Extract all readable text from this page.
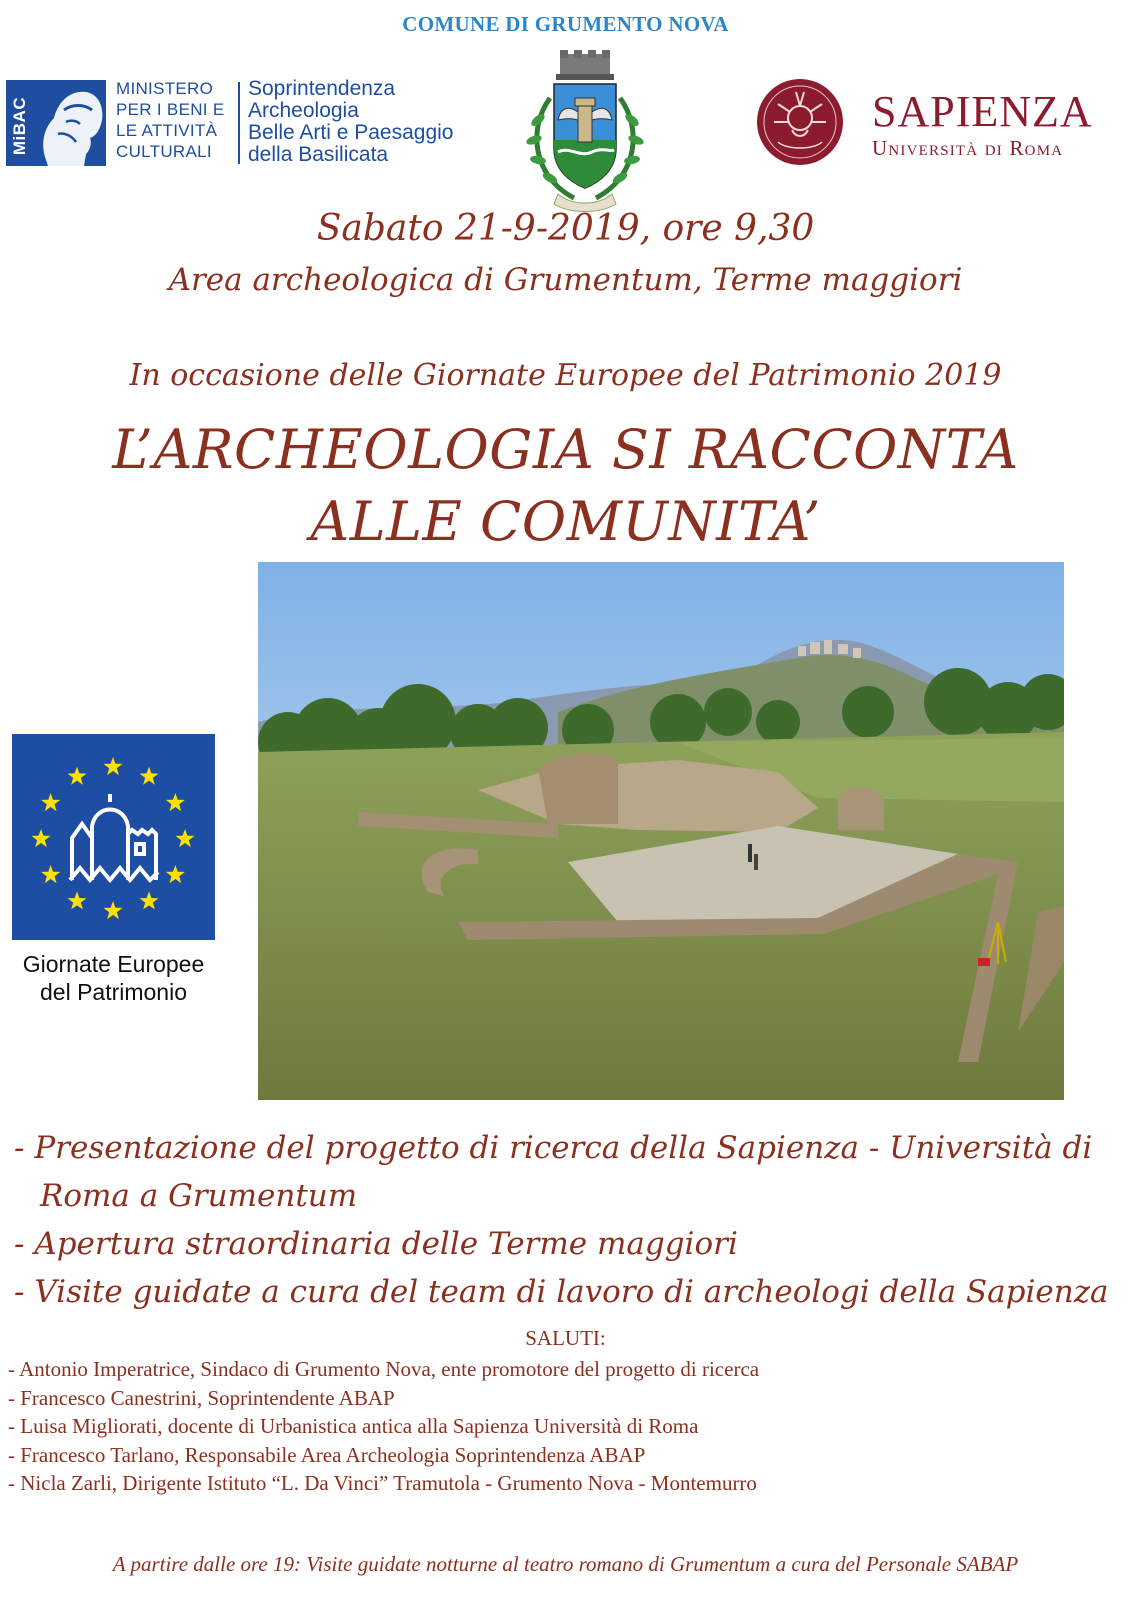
COMUNE DI GRUMENTO NOVA
MiBAC
MINISTERO
PER I BENI E
LE ATTIVITÀ
CULTURALI
Soprintendenza
Archeologia
Belle Arti e Paesaggio
della Basilicata
SAPIENZA
Università di Roma
Sabato 21-9-2019, ore 9,30
Area archeologica di Grumentum, Terme maggiori
In occasione delle Giornate Europee del Patrimonio 2019
L’ARCHEOLOGIA SI RACCONTA
ALLE COMUNITA’
Giornate Europee
del Patrimonio
- Presentazione del progetto di ricerca della Sapienza - Università di
Roma a Grumentum
- Apertura straordinaria delle Terme maggiori
- Visite guidate a cura del team di lavoro di archeologi della Sapienza
SALUTI:
- Antonio Imperatrice, Sindaco di Grumento Nova, ente promotore del progetto di ricerca
- Francesco Canestrini, Soprintendente ABAP
- Luisa Migliorati, docente di Urbanistica antica alla Sapienza Università di Roma
- Francesco Tarlano, Responsabile Area Archeologia Soprintendenza ABAP
- Nicla Zarli, Dirigente Istituto “L. Da Vinci” Tramutola - Grumento Nova - Montemurro
A partire dalle ore 19: Visite guidate notturne al teatro romano di Grumentum a cura del Personale SABAP
